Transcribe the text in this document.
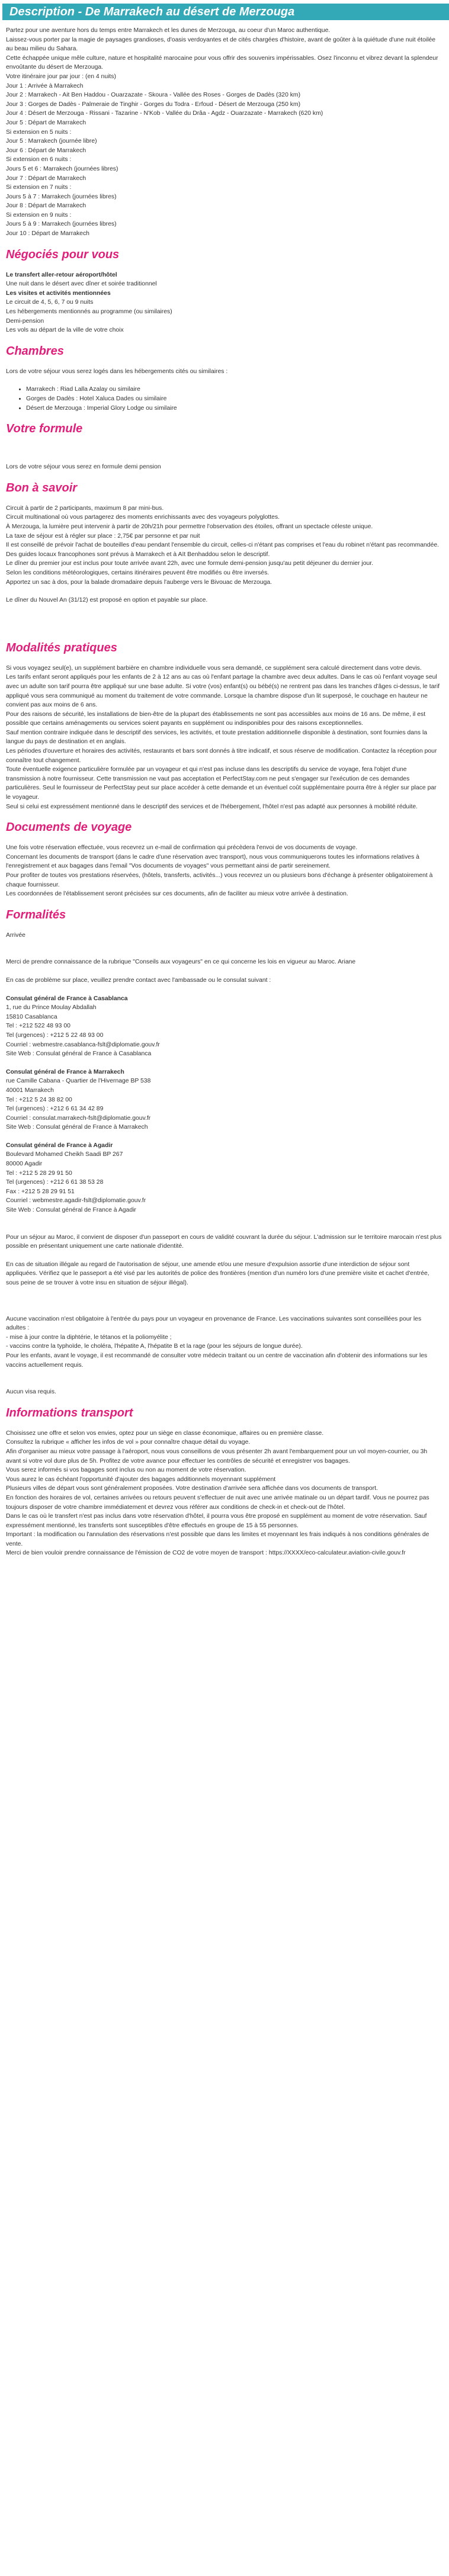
Description - De Marrakech au désert de Merzouga

Partez pour une aventure hors du temps entre Marrakech et les dunes de Merzouga, au coeur d'un Maroc authentique.

Laissez-vous porter par la magie de paysages grandioses, d'oasis verdoyantes et de cités chargées d'histoire, avant de goûter à la quiétude d'une nuit étoilée au beau milieu du Sahara.

Cette échappée unique mêle culture, nature et hospitalité marocaine pour vous offrir des souvenirs impérissables. Osez l'inconnu et vibrez devant la splendeur envoûtante du désert de Merzouga.

Votre itinéraire jour par jour : (en 4 nuits)

Jour 1 : Arrivée à Marrakech

Jour 2 : Marrakech - Ait Ben Haddou - Ouarzazate - Skoura - Vallée des Roses - Gorges de Dadès (320 km)

Jour 3 : Gorges de Dadès - Palmeraie de Tinghir - Gorges du Todra - Erfoud - Désert de Merzouga (250 km)

Jour 4 : Désert de Merzouga - Rissani - Tazarine - N'Kob - Vallée du Drâa - Agdz - Ouarzazate - Marrakech (620 km)

Jour 5 : Départ de Marrakech

Si extension en 5 nuits :

Jour 5 : Marrakech (journée libre)

Jour 6 : Départ de Marrakech

Si extension en 6 nuits :

Jours 5 et 6 : Marrakech (journées libres)

Jour 7 : Départ de Marrakech

Si extension en 7 nuits :

Jours 5 à 7 : Marrakech (journées libres)

Jour 8 : Départ de Marrakech

Si extension en 9 nuits :

Jours 5 à 9 : Marrakech (journées libres)

Jour 10 : Départ de Marrakech

Négociés pour vous

Le transfert aller-retour aéroport/hôtel

Une nuit dans le désert avec dîner et soirée traditionnel

Les visites et activités mentionnées

Le circuit de 4, 5, 6, 7 ou 9 nuits

Les hébergements mentionnés au programme (ou similaires)

Demi-pension

Les vols au départ de la ville de votre choix

Chambres

Lors de votre séjour vous serez logés dans les hébergements cités ou similaires :

• Marrakech : Riad Lalla Azalay ou similaire
• Gorges de Dadès : Hotel Xaluca Dades ou similaire
• Désert de Merzouga : Imperial Glory Lodge ou similaire
Votre formule

Lors de votre séjour vous serez en formule demi pension

Bon à savoir

Circuit à partir de 2 participants, maximum 8 par mini-bus.

Circuit multinational où vous partagerez des moments enrichissants avec des voyageurs polyglottes.

À Merzouga, la lumière peut intervenir à partir de 20h/21h pour permettre l'observation des étoiles, offrant un spectacle céleste unique.

La taxe de séjour est à régler sur place : 2,75€ par personne et par nuit

Il est conseillé de prévoir l'achat de bouteilles d'eau pendant l'ensemble du circuit, celles-ci n'étant pas comprises et l'eau du robinet n'étant pas recommandée.

Des guides locaux francophones sont prévus à Marrakech et à Aït Benhaddou selon le descriptif.

Le dîner du premier jour est inclus pour toute arrivée avant 22h, avec une formule demi-pension jusqu'au petit déjeuner du dernier jour.

Selon les conditions météorologiques, certains itinéraires peuvent être modifiés ou être inversés.

Apportez un sac à dos, pour la balade dromadaire depuis l'auberge vers le Bivouac de Merzouga.

Le dîner du Nouvel An (31/12) est proposé en option et payable sur place.

Modalités pratiques

Si vous voyagez seul(e), un supplément barbière en chambre individuelle vous sera demandé, ce supplément sera calculé directement dans votre devis.

Les tarifs enfant seront appliqués pour les enfants de 2 à 12 ans au cas où l'enfant partage la chambre avec deux adultes. Dans le cas où l'enfant voyage seul avec un adulte son tarif pourra être appliqué sur une base adulte. Si votre (vos) enfant(s) ou bébé(s) ne rentrent pas dans les tranches d'âges ci-dessus, le tarif appliqué vous sera communiqué au moment du traitement de votre commande. Lorsque la chambre dispose d'un lit superposé, le couchage en hauteur ne convient pas aux moins de 6 ans.

Pour des raisons de sécurité, les installations de bien-être de la plupart des établissements ne sont pas accessibles aux moins de 16 ans. De même, il est possible que certains aménagements ou services soient payants en supplément ou indisponibles pour des raisons exceptionnelles.

Sauf mention contraire indiquée dans le descriptif des services, les activités, et toute prestation additionnelle disponible à destination, sont fournies dans la langue du pays de destination et en anglais.

Les périodes d'ouverture et horaires des activités, restaurants et bars sont donnés à titre indicatif, et sous réserve de modification. Contactez la réception pour connaître tout changement.

Toute éventuelle exigence particulière formulée par un voyageur et qui n'est pas incluse dans les descriptifs du service de voyage, fera l'objet d'une transmission à notre fournisseur. Cette transmission ne vaut pas acceptation et PerfectStay.com ne peut s'engager sur l'exécution de ces demandes particulières. Seul le fournisseur de PerfectStay peut sur place accéder à cette demande et un éventuel coût supplémentaire pourra être à régler sur place par le voyageur.

Seul si celui est expressément mentionné dans le descriptif des services et de l'hébergement, l'hôtel n'est pas adapté aux personnes à mobilité réduite.

Documents de voyage

Une fois votre réservation effectuée, vous recevrez un e-mail de confirmation qui précèdera l'envoi de vos documents de voyage.

Concernant les documents de transport (dans le cadre d'une réservation avec transport), nous vous communiquerons toutes les informations relatives à l'enregistrement et aux bagages dans l'email "Vos documents de voyages" vous permettant ainsi de partir sereinement.

Pour profiter de toutes vos prestations réservées, (hôtels, transferts, activités...) vous recevrez un ou plusieurs bons d'échange à présenter obligatoirement à chaque fournisseur.

Les coordonnées de l'établissement seront précisées sur ces documents, afin de faciliter au mieux votre arrivée à destination.

Formalités

Arrivée

Merci de prendre connaissance de la rubrique "Conseils aux voyageurs" en ce qui concerne les lois en vigueur au Maroc. Ariane

En cas de problème sur place, veuillez prendre contact avec l'ambassade ou le consulat suivant :

Consulat général de France à Casablanca

1, rue du Prince Moulay Abdallah

15810 Casablanca

Tel : +212 522 48 93 00

Tel (urgences) : +212 5 22 48 93 00

Courriel : webmestre.casablanca-fslt@diplomatie.gouv.fr

Site Web : Consulat général de France à Casablanca

Consulat général de France à Marrakech

rue Camille Cabana - Quartier de l'Hivernage BP 538

40001 Marrakech

Tel : +212 5 24 38 82 00

Tel (urgences) : +212 6 61 34 42 89

Courriel : consulat.marrakech-fslt@diplomatie.gouv.fr

Site Web : Consulat général de France à Marrakech

Consulat général de France à Agadir

Boulevard Mohamed Cheikh Saadi BP 267

80000 Agadir

Tel : +212 5 28 29 91 50

Tel (urgences) : +212 6 61 38 53 28

Fax : +212 5 28 29 91 51

Courriel : webmestre.agadir-fslt@diplomatie.gouv.fr

Site Web : Consulat général de France à Agadir

Pour un séjour au Maroc, il convient de disposer d'un passeport en cours de validité couvrant la durée du séjour. L'admission sur le territoire marocain n'est plus possible en présentant uniquement une carte nationale d'identité.

En cas de situation illégale au regard de l'autorisation de séjour, une amende et/ou une mesure d'expulsion assortie d'une interdiction de séjour sont appliquées. Vérifiez que le passeport a été visé par les autorités de police des frontières (mention d'un numéro lors d'une première visite et cachet d'entrée, sous peine de se trouver à votre insu en situation de séjour illégal).

Aucune vaccination n'est obligatoire à l'entrée du pays pour un voyageur en provenance de France. Les vaccinations suivantes sont conseillées pour les adultes :

- mise à jour contre la diphtérie, le tétanos et la poliomyélite ;

- vaccins contre la typhoïde, le choléra, l'hépatite A, l'hépatite B et la rage (pour les séjours de longue durée).

Pour les enfants, avant le voyage, il est recommandé de consulter votre médecin traitant ou un centre de vaccination afin d'obtenir des informations sur les vaccins actuellement requis.

Aucun visa requis.

Informations transport

Choisissez une offre et selon vos envies, optez pour un siège en classe économique, affaires ou en première classe.

Consultez la rubrique « afficher les infos de vol » pour connaître chaque détail du voyage.

Afin d'organiser au mieux votre passage à l'aéroport, nous vous conseillons de vous présenter 2h avant l'embarquement pour un vol moyen-courrier, ou 3h avant si votre vol dure plus de 5h. Profitez de votre avance pour effectuer les contrôles de sécurité et enregistrer vos bagages.

Vous serez informés si vos bagages sont inclus ou non au moment de votre réservation.

Vous aurez le cas échéant l'opportunité d'ajouter des bagages additionnels moyennant supplément

Plusieurs villes de départ vous sont généralement proposées. Votre destination d'arrivée sera affichée dans vos documents de transport.

En fonction des horaires de vol, certaines arrivées ou retours peuvent s'effectuer de nuit avec une arrivée matinale ou un départ tardif. Vous ne pourrez pas toujours disposer de votre chambre immédiatement et devrez vous référer aux conditions de check-in et check-out de l'hôtel.

Dans le cas où le transfert n'est pas inclus dans votre réservation d'hôtel, il pourra vous être proposé en supplément au moment de votre réservation. Sauf expressément mentionné, les transferts sont susceptibles d'être effectués en groupe de 15 à 55 personnes.

Important : la modification ou l'annulation des réservations n'est possible que dans les limites et moyennant les frais indiqués à nos conditions générales de vente.

Merci de bien vouloir prendre connaissance de l'émission de CO2 de votre moyen de transport : https://XXXX/eco-calculateur.aviation-civile.gouv.fr
